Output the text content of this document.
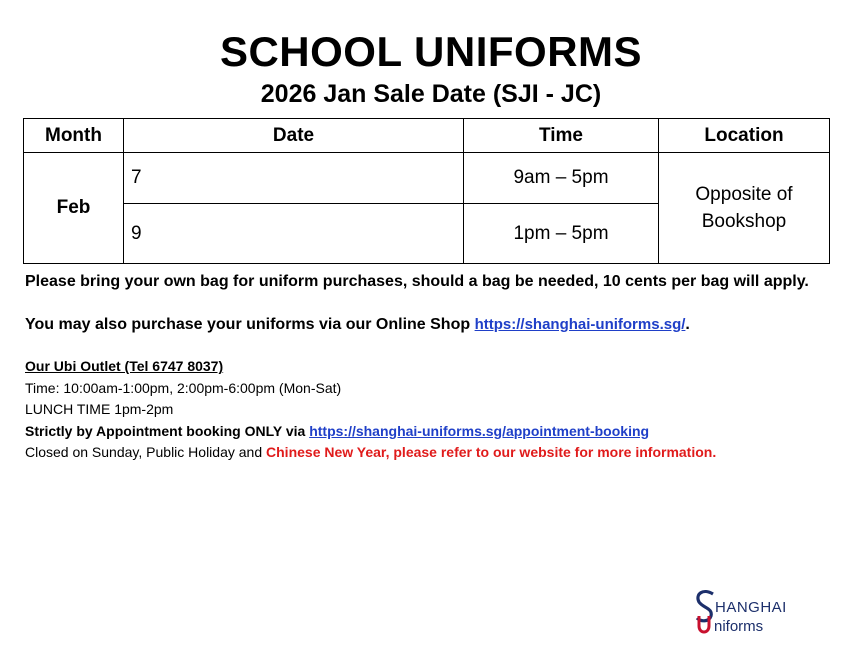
SCHOOL UNIFORMS
2026 Jan Sale Date (SJI - JC)
Month	Date	Time	Location
Feb	7	9am – 5pm	Opposite of
Bookshop
	9	1pm – 5pm	
Please bring your own bag for uniform purchases, should a bag be needed, 10 cents per bag will apply.
You may also purchase your uniforms via our Online Shop https://shanghai-uniforms.sg/.
Our Ubi Outlet (Tel 6747 8037)
Time: 10:00am-1:00pm, 2:00pm-6:00pm (Mon-Sat)
LUNCH TIME 1pm-2pm
Strictly by Appointment booking ONLY via https://shanghai-uniforms.sg/appointment-booking
Closed on Sunday, Public Holiday and Chinese New Year, please refer to our website for more information.
HANGHAI
niforms
